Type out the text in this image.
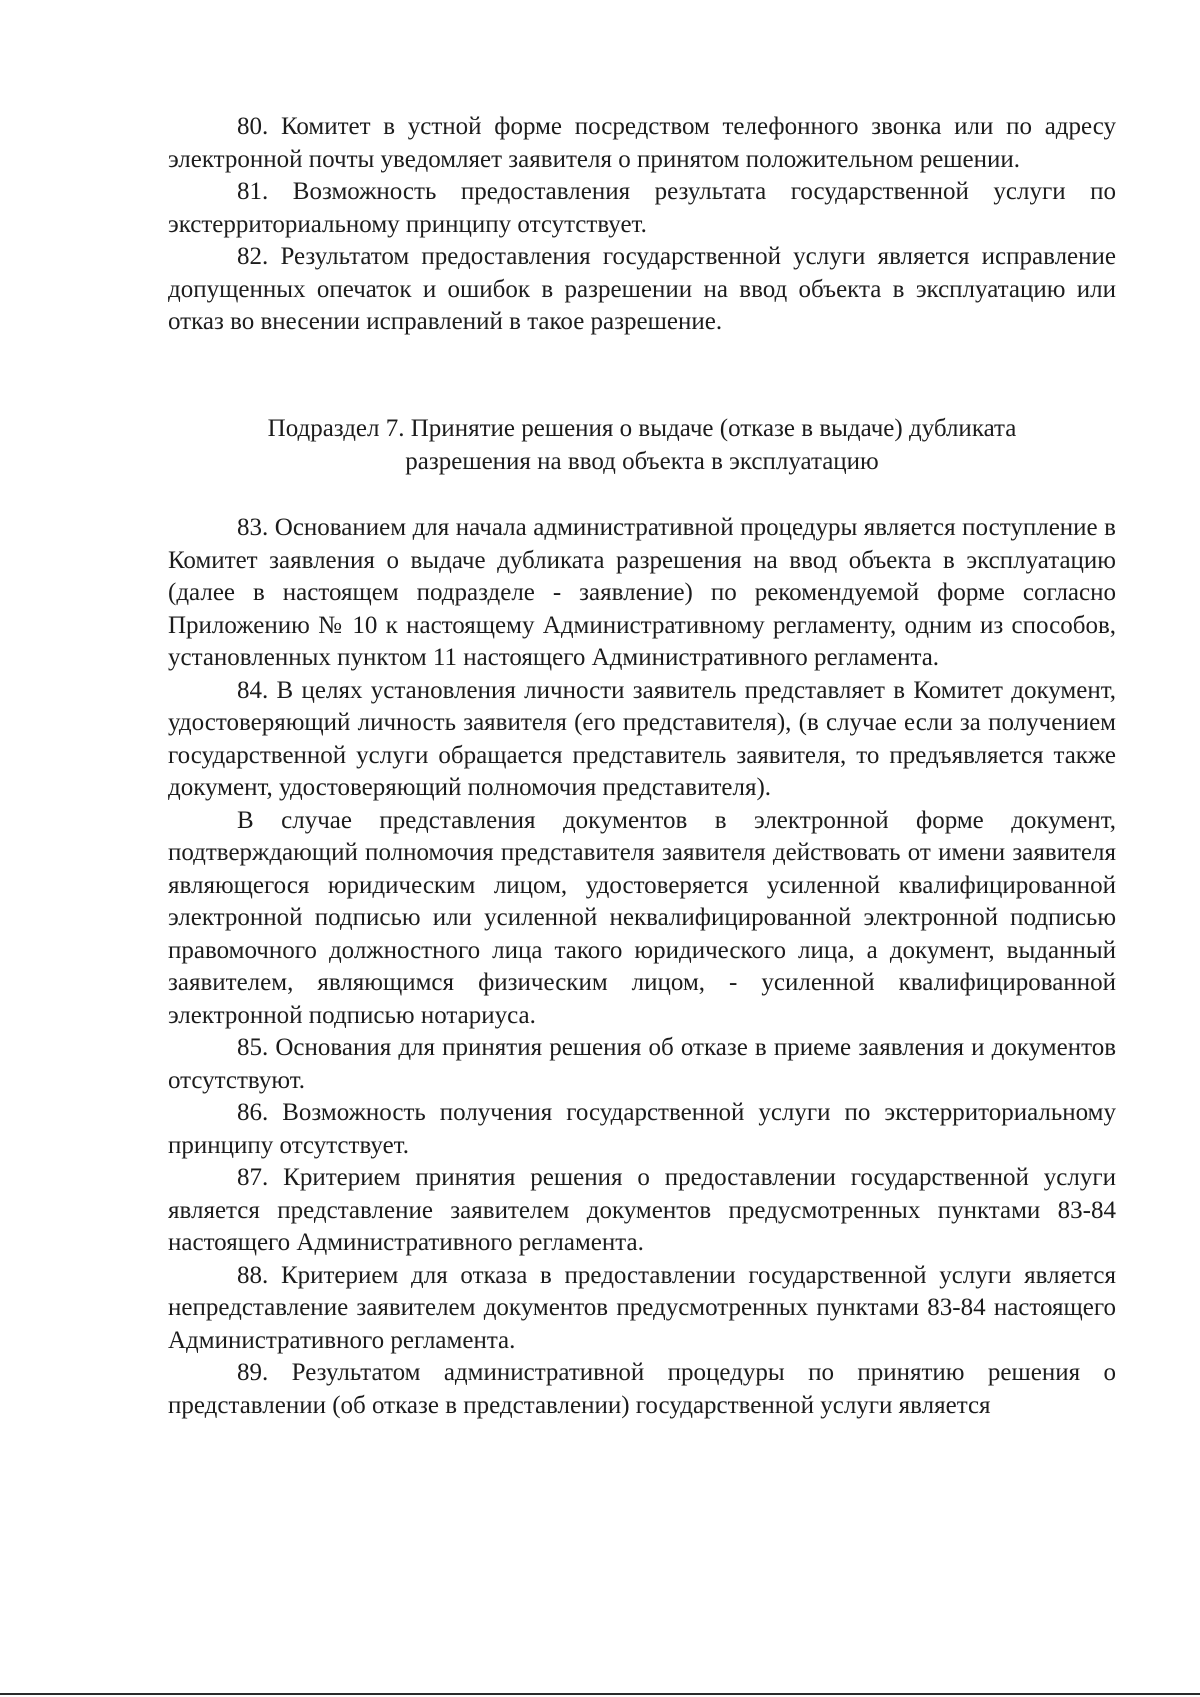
80. Комитет в устной форме посредством телефонного звонка или по адресу электронной почты уведомляет заявителя о принятом положительном решении.

81. Возможность предоставления результата государственной услуги по экстерриториальному принципу отсутствует.

82. Результатом предоставления государственной услуги является исправление допущенных опечаток и ошибок в разрешении на ввод объекта в эксплуатацию или отказ во внесении исправлений в такое разрешение.

Подраздел 7. Принятие решения о выдаче (отказе в выдаче) дубликата

разрешения на ввод объекта в эксплуатацию

83. Основанием для начала административной процедуры является поступление в Комитет заявления о выдаче дубликата разрешения на ввод объекта в эксплуатацию (далее в настоящем подразделе - заявление) по рекомендуемой форме согласно Приложению № 10 к настоящему Административному регламенту, одним из способов, установленных пунктом 11 настоящего Административного регламента.

84. В целях установления личности заявитель представляет в Комитет документ, удостоверяющий личность заявителя (его представителя), (в случае если за получением государственной услуги обращается представитель заявителя, то предъявляется также документ, удостоверяющий полномочия представителя).

В случае представления документов в электронной форме документ, подтверждающий полномочия представителя заявителя действовать от имени заявителя являющегося юридическим лицом, удостоверяется усиленной квалифицированной электронной подписью или усиленной неквалифицированной электронной подписью правомочного должностного лица такого юридического лица, а документ, выданный заявителем, являющимся физическим лицом, - усиленной квалифицированной электронной подписью нотариуса.

85. Основания для принятия решения об отказе в приеме заявления и документов отсутствуют.

86. Возможность получения государственной услуги по экстерриториальному принципу отсутствует.

87. Критерием принятия решения о предоставлении государственной услуги является представление заявителем документов предусмотренных пунктами 83-84 настоящего Административного регламента.

88. Критерием для отказа в предоставлении государственной услуги является непредставление заявителем документов предусмотренных пунктами 83-84 настоящего Административного регламента.

89. Результатом административной процедуры по принятию решения о представлении (об отказе в представлении) государственной услуги является
